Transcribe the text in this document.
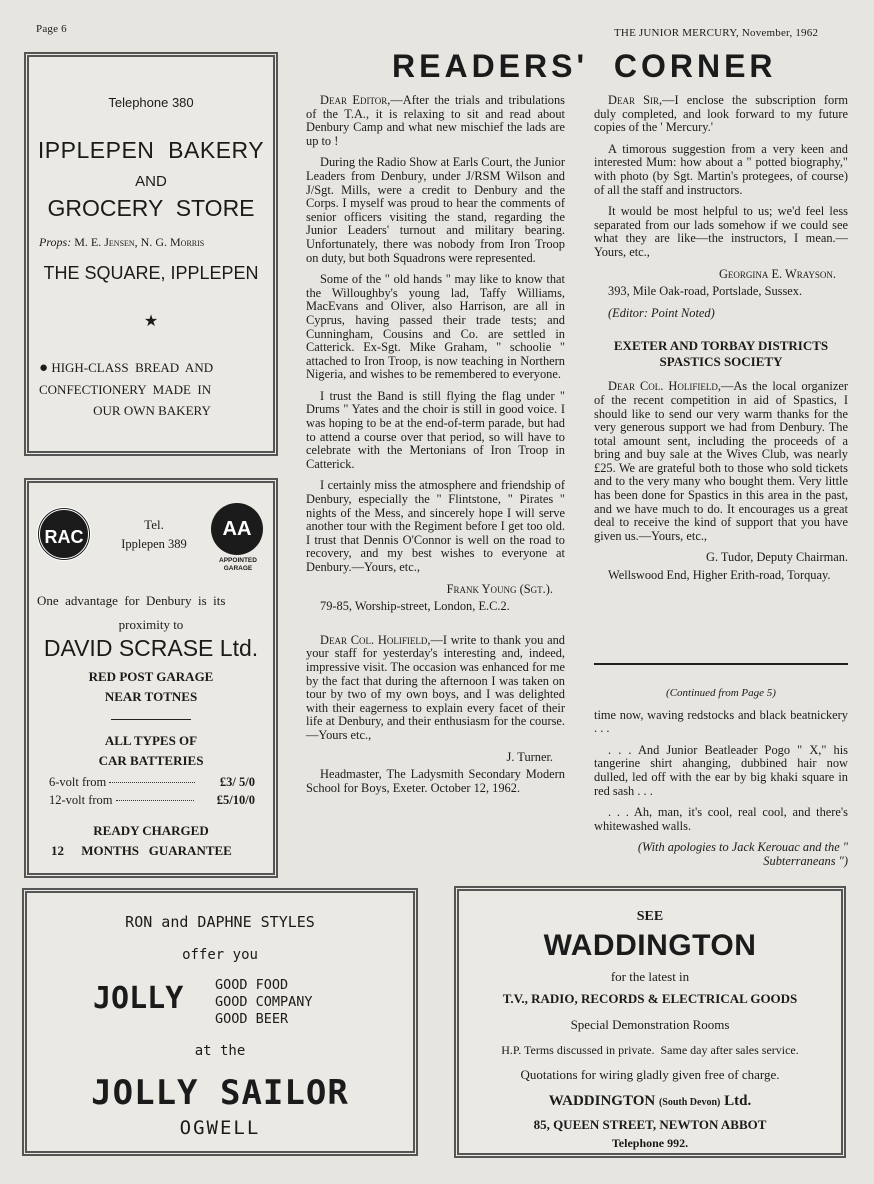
Page 6	THE JUNIOR MERCURY, November, 1962
READERS'  CORNER
Telephone 380
IPPLEPEN  BAKERY
AND
GROCERY  STORE
Props: M. E. Jensen, N. G. Morris
THE SQUARE, IPPLEPEN
★
● HIGH-CLASS  BREAD  AND
CONFECTIONERY  MADE  IN
OUR OWN BAKERY
RAC	AA
APPOINTED GARAGE
Tel.
Ipplepen 389
One  advantage  for  Denbury  is  its
proximity to
DAVID SCRASE Ltd.
RED POST GARAGE
NEAR TOTNES
ALL TYPES OF
CAR BATTERIES
6-volt from	£3/ 5/0
12-volt from	£5/10/0
READY CHARGED
12 MONTHS   GUARANTEE

Dear Editor,—After the trials and tribulations of the T.A., it is relaxing to sit and read about Denbury Camp and what new mischief the lads are up to !

During the Radio Show at Earls Court, the Junior Leaders from Denbury, under J/RSM Wilson and J/Sgt. Mills, were a credit to Denbury and the Corps. I myself was proud to hear the comments of senior officers visiting the stand, regarding the Junior Leaders' turnout and military bearing. Unfortunately, there was nobody from Iron Troop on duty, but both Squadrons were represented.

Some of the " old hands " may like to know that the Willoughby's young lad, Taffy Williams, MacEvans and Oliver, also Harrison, are all in Cyprus, having passed their trade tests; and Cunningham, Cousins and Co. are settled in Catterick. Ex-Sgt. Mike Graham, " schoolie " attached to Iron Troop, is now teaching in Northern Nigeria, and wishes to be remembered to everyone.

I trust the Band is still flying the flag under " Drums " Yates and the choir is still in good voice. I was hoping to be at the end-of-term parade, but had to attend a course over that period, so will have to celebrate with the Mertonians of Iron Troop in Catterick.

I certainly miss the atmosphere and friendship of Denbury, especially the " Flintstone, " Pirates " nights of the Mess, and sincerely hope I will serve another tour with the Regiment before I get too old. I trust that Dennis O'Connor is well on the road to recovery, and my best wishes to everyone at Denbury.—Yours, etc.,

Frank Young (Sgt.).

79-85, Worship-street, London, E.C.2.

Dear Col. Holifield,—I write to thank you and your staff for yesterday's interesting and, indeed, impressive visit. The occasion was enhanced for me by the fact that during the afternoon I was taken on tour by two of my own boys, and I was delighted with their eagerness to explain every facet of their life at Denbury, and their enthusiasm for the course.—Yours etc.,

J. Turner.

Headmaster, The Ladysmith Secondary Modern School for Boys, Exeter. October 12, 1962.

Dear Sir,—I enclose the subscription form duly completed, and look forward to my future copies of the ' Mercury.'

A timorous suggestion from a very keen and interested Mum: how about a " potted biography," with photo (by Sgt. Martin's protegees, of course) of all the staff and instructors.

It would be most helpful to us; we'd feel less separated from our lads somehow if we could see what they are like—the instructors, I mean.—Yours, etc.,

Georgina E. Wrayson.

393, Mile Oak-road, Portslade, Sussex.

(Editor: Point Noted)

EXETER AND TORBAY DISTRICTS SPASTICS SOCIETY

Dear Col. Holifield,—As the local organizer of the recent competition in aid of Spastics, I should like to send our very warm thanks for the very generous support we had from Denbury. The total amount sent, including the proceeds of a bring and buy sale at the Wives Club, was nearly £25. We are grateful both to those who sold tickets and to the very many who bought them. Very little has been done for Spastics in this area in the past, and we have much to do. It encourages us a great deal to receive the kind of support that you have given us.—Yours, etc.,

G. Tudor, Deputy Chairman.

Wellswood End, Higher Erith-road, Torquay.

(Continued from Page 5)

time now, waving redstocks and black beatnickery . . .

. . . And Junior Beatleader Pogo " X," his tangerine shirt ahanging, dubbined hair now dulled, led off with the ear by big khaki square in red sash . . .

. . . Ah, man, it's cool, real cool, and there's whitewashed walls.

(With apologies to Jack Kerouac and the " Subterraneans ")

RON and DAPHNE STYLES
offer you
JOLLY GOOD FOOD
GOOD COMPANY
GOOD BEER
at the
JOLLY SAILOR
OGWELL
SEE
WADDINGTON
for the latest in
T.V., RADIO, RECORDS & ELECTRICAL GOODS
Special Demonstration Rooms
H.P. Terms discussed in private.  Same day after sales service.
Quotations for wiring gladly given free of charge.
WADDINGTON (South Devon) Ltd.
85, QUEEN STREET, NEWTON ABBOT
Telephone 992.
